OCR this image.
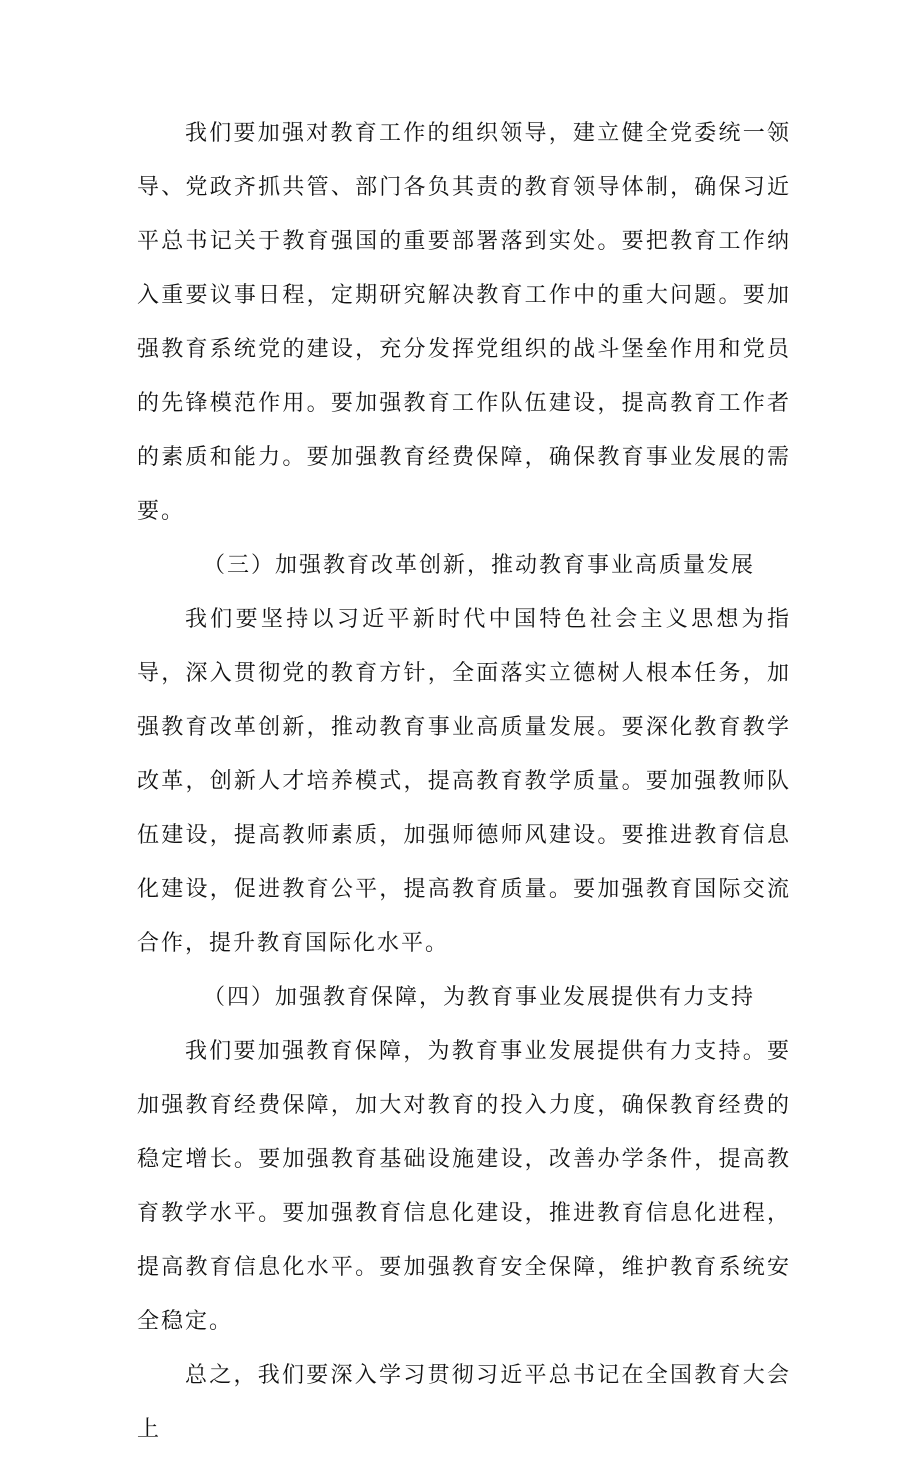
我们要加强对教育工作的组织领导，建立健全党委统一领导、党政齐抓共管、部门各负其责的教育领导体制，确保习近平总书记关于教育强国的重要部署落到实处。要把教育工作纳入重要议事日程，定期研究解决教育工作中的重大问题。要加强教育系统党的建设，充分发挥党组织的战斗堡垒作用和党员的先锋模范作用。要加强教育工作队伍建设，提高教育工作者的素质和能力。要加强教育经费保障，确保教育事业发展的需要。

（三）加强教育改革创新，推动教育事业高质量发展

我们要坚持以习近平新时代中国特色社会主义思想为指导，深入贯彻党的教育方针，全面落实立德树人根本任务，加强教育改革创新，推动教育事业高质量发展。要深化教育教学改革，创新人才培养模式，提高教育教学质量。要加强教师队伍建设，提高教师素质，加强师德师风建设。要推进教育信息化建设，促进教育公平，提高教育质量。要加强教育国际交流合作，提升教育国际化水平。

（四）加强教育保障，为教育事业发展提供有力支持

我们要加强教育保障，为教育事业发展提供有力支持。要加强教育经费保障，加大对教育的投入力度，确保教育经费的稳定增长。要加强教育基础设施建设，改善办学条件，提高教育教学水平。要加强教育信息化建设，推进教育信息化进程，提高教育信息化水平。要加强教育安全保障，维护教育系统安全稳定。

总之，我们要深入学习贯彻习近平总书记在全国教育大会上
